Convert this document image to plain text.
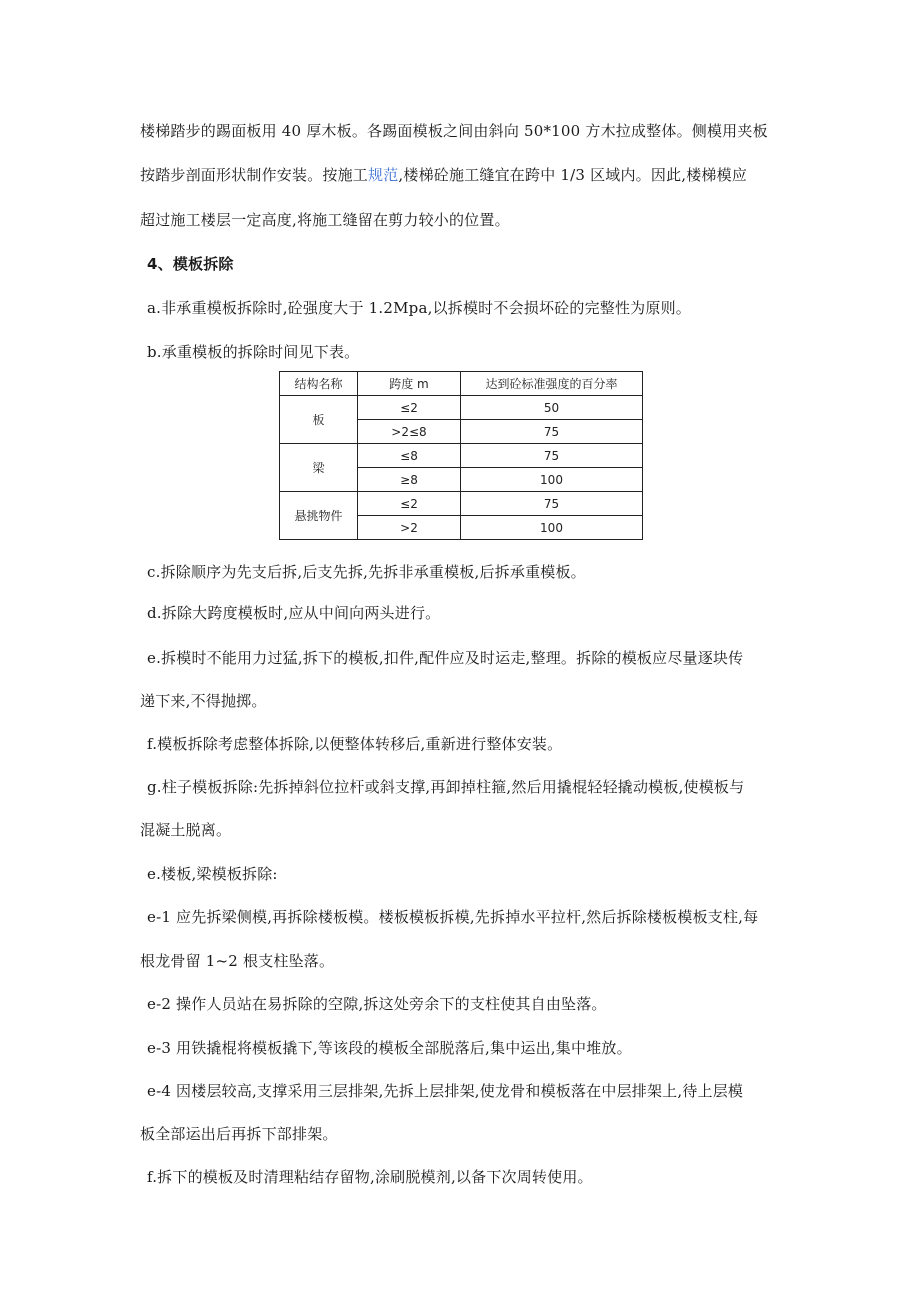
楼梯踏步的踢面板用 40 厚木板。各踢面模板之间由斜向 50*100 方木拉成整体。侧模用夹板
按踏步剖面形状制作安装。按施工规范,楼梯砼施工缝宜在跨中 1/3 区域内。因此,楼梯模应
超过施工楼层一定高度,将施工缝留在剪力较小的位置。
4、模板拆除
a.非承重模板拆除时,砼强度大于 1.2Mpa,以拆模时不会损坏砼的完整性为原则。
b.承重模板的拆除时间见下表。
结构名称	跨度 m	达到砼标准强度的百分率
板	≤2	50
	>2≤8	75
梁	≤8	75
	≥8	100
悬挑物件	≤2	75
	>2	100
c.拆除顺序为先支后拆,后支先拆,先拆非承重模板,后拆承重模板。
d.拆除大跨度模板时,应从中间向两头进行。
e.拆模时不能用力过猛,拆下的模板,扣件,配件应及时运走,整理。拆除的模板应尽量逐块传
递下来,不得抛掷。
f.模板拆除考虑整体拆除,以便整体转移后,重新进行整体安装。
g.柱子模板拆除:先拆掉斜位拉杆或斜支撑,再卸掉柱箍,然后用撬棍轻轻撬动模板,使模板与
混凝土脱离。
e.楼板,梁模板拆除:
e-1 应先拆梁侧模,再拆除楼板模。楼板模板拆模,先拆掉水平拉杆,然后拆除楼板模板支柱,每
根龙骨留 1~2 根支柱坠落。
e-2 操作人员站在易拆除的空隙,拆这处旁余下的支柱使其自由坠落。
e-3 用铁撬棍将模板撬下,等该段的模板全部脱落后,集中运出,集中堆放。
e-4 因楼层较高,支撑采用三层排架,先拆上层排架,使龙骨和模板落在中层排架上,待上层模
板全部运出后再拆下部排架。
f.拆下的模板及时清理粘结存留物,涂刷脱模剂,以备下次周转使用。
